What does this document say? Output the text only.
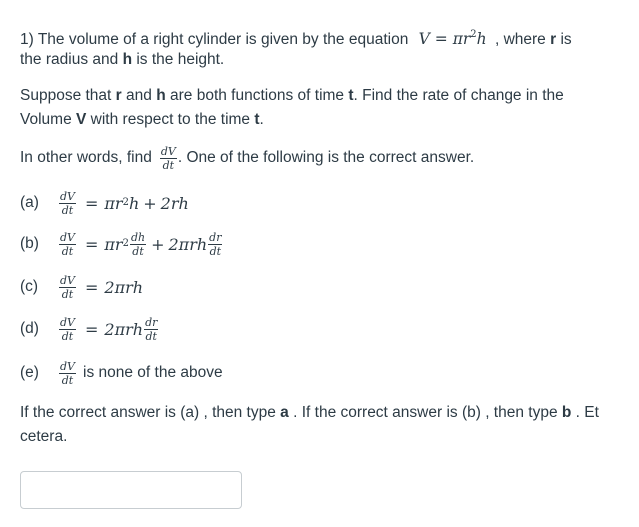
1) The volume of a right cylinder is given by the equation $V = \pi r^2h$ , where r is
the radius and h is the height.
Suppose that r and h are both functions of time t. Find the rate of change in the
Volume V with respect to the time t.
In other words, find $\frac{dV}{dt}$ . One of the following is the correct answer.
(a)	$\frac{dV}{dt} = \pi r^2$ h + 2rh
(b)	$\frac{dV}{dt} = \pi r^2 \frac{dh}{dt} + 2\pi rh \frac{dr}{dt}$
(c)	$\frac{dV}{dt} = 2\pi rh$
(d)	$\frac{dV}{dt} = 2\pi rh \frac{dr}{dt}$
(e)	$\frac{dV}{dt}$ is none of the above
If the correct answer is (a) , then type a . If the correct answer is (b) , then type b . Et
cetera.
